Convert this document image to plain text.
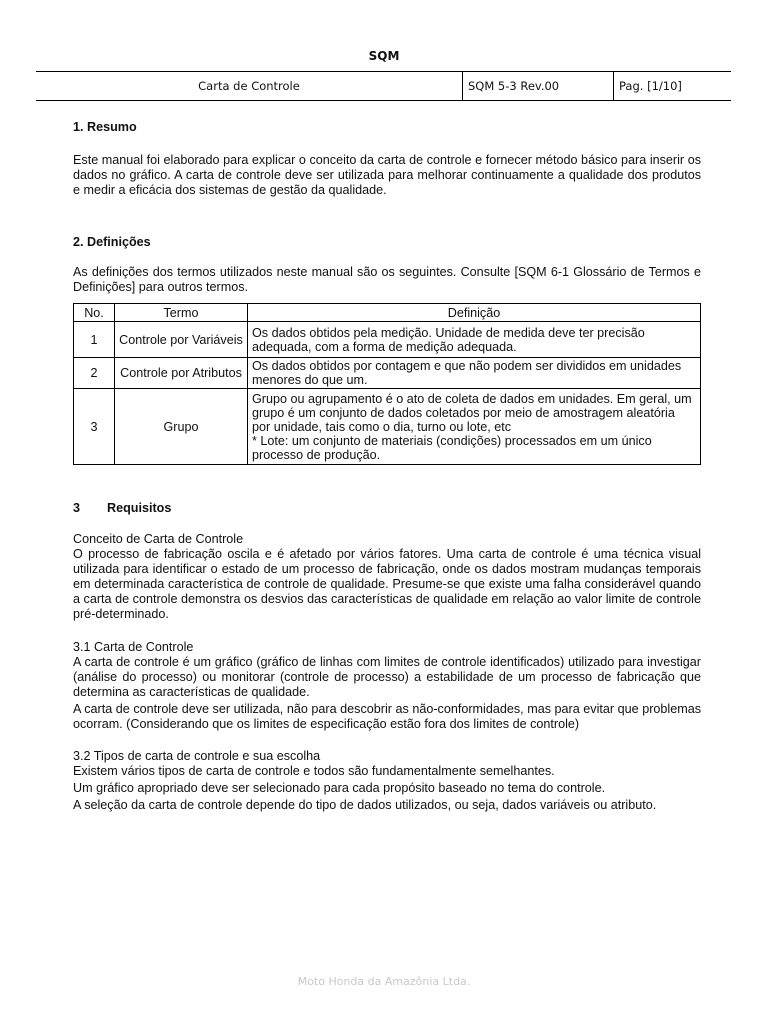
SQM
Carta de Controle	SQM 5-3 Rev.00	Pag. [1/10]

1. Resumo

Este manual foi elaborado para explicar o conceito da carta de controle e fornecer método básico para inserir os dados no gráfico. A carta de controle deve ser utilizada para melhorar continuamente a qualidade dos produtos e medir a eficácia dos sistemas de gestão da qualidade.

2. Definições

As definições dos termos utilizados neste manual são os seguintes. Consulte [SQM 6-1 Glossário de Termos e Definições] para outros termos.

No.	Termo	Definição
1	Controle por Variáveis	Os dados obtidos pela medição. Unidade de medida deve ter precisão adequada, com a forma de medição adequada.
2	Controle por Atributos	Os dados obtidos por contagem e que não podem ser divididos em unidades menores do que um.
3	Grupo	Grupo ou agrupamento é o ato de coleta de dados em unidades. Em geral, um grupo é um conjunto de dados coletados por meio de amostragem aleatória por unidade, tais como o dia, turno ou lote, etc
* Lote: um conjunto de materiais (condições) processados em um único processo de produção.
3	Requisitos

Conceito de Carta de Controle

O processo de fabricação oscila e é afetado por vários fatores. Uma carta de controle é uma técnica visual utilizada para identificar o estado de um processo de fabricação, onde os dados mostram mudanças temporais em determinada característica de controle de qualidade. Presume-se que existe uma falha considerável quando a carta de controle demonstra os desvios das características de qualidade em relação ao valor limite de controle pré-determinado.

3.1 Carta de Controle

A carta de controle é um gráfico (gráfico de linhas com limites de controle identificados) utilizado para investigar (análise do processo) ou monitorar (controle de processo) a estabilidade de um processo de fabricação que determina as características de qualidade.

A carta de controle deve ser utilizada, não para descobrir as não-conformidades, mas para evitar que problemas ocorram. (Considerando que os limites de especificação estão fora dos limites de controle)

3.2 Tipos de carta de controle e sua escolha

Existem vários tipos de carta de controle e todos são fundamentalmente semelhantes.

Um gráfico apropriado deve ser selecionado para cada propósito baseado no tema do controle.

A seleção da carta de controle depende do tipo de dados utilizados, ou seja, dados variáveis ou atributo.

Moto Honda da Amazônia Ltda.
